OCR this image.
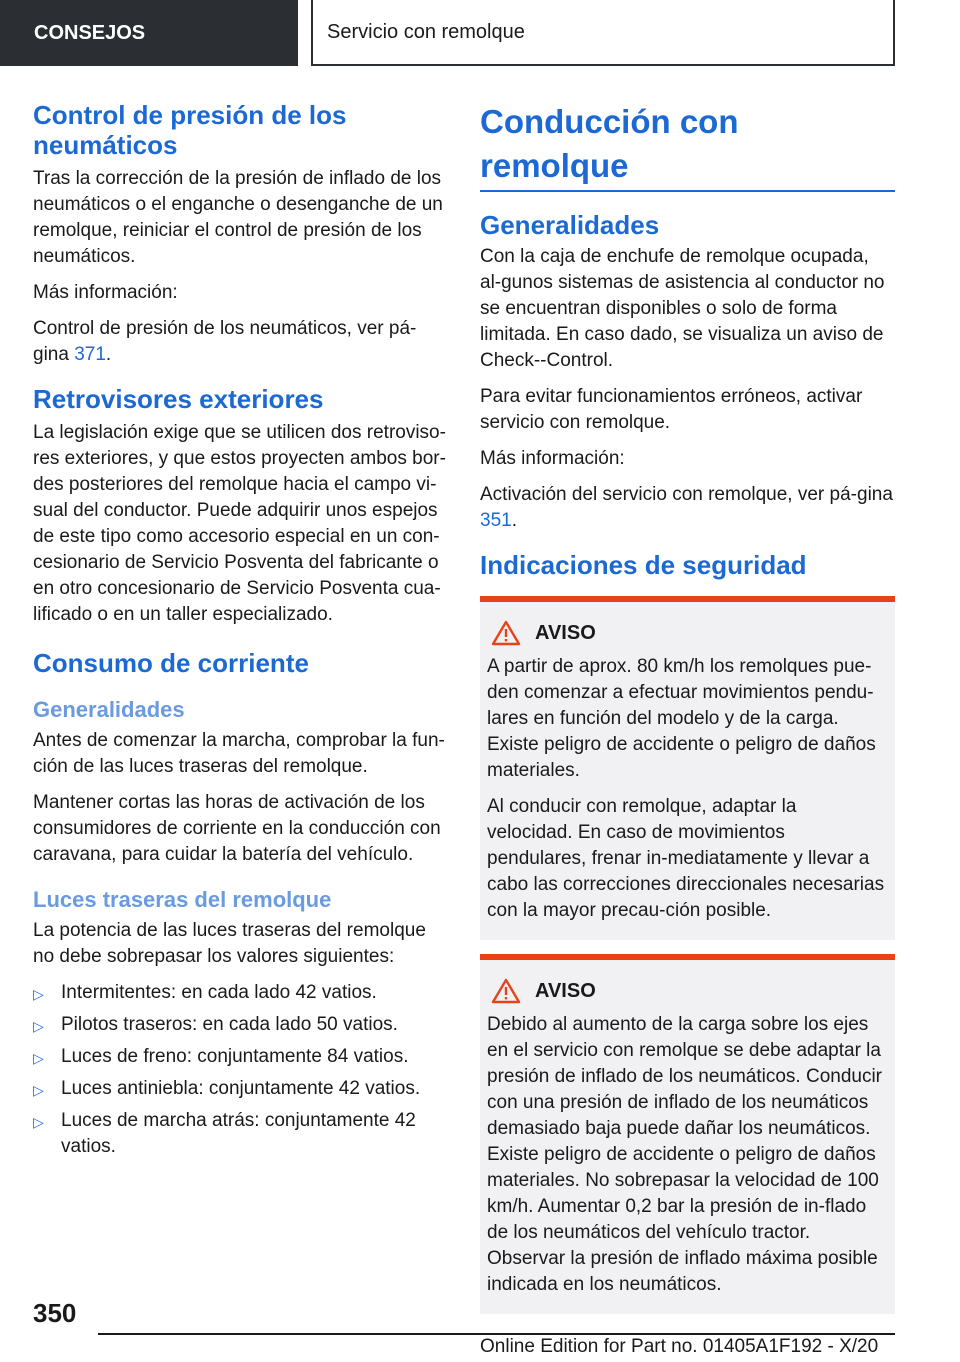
CONSEJOS	Servicio con remolque
Control de presión de los neumáticos

Tras la corrección de la presión de inflado de los neumáticos o el enganche o desenganche de un remolque, reiniciar el control de presión de los neumáticos.

Más información:

Control de presión de los neumáticos, ver pá-gina 371.

Retrovisores exteriores

La legislación exige que se utilicen dos retroviso-res exteriores, y que estos proyecten ambos bor-des posteriores del remolque hacia el campo vi-sual del conductor. Puede adquirir unos espejos de este tipo como accesorio especial en un con-cesionario de Servicio Posventa del fabricante o en otro concesionario de Servicio Posventa cua-lificado o en un taller especializado.

Consumo de corriente
Generalidades

Antes de comenzar la marcha, comprobar la fun-ción de las luces traseras del remolque.

Mantener cortas las horas de activación de los consumidores de corriente en la conducción con caravana, para cuidar la batería del vehículo.

Luces traseras del remolque

La potencia de las luces traseras del remolque no debe sobrepasar los valores siguientes:

▷ Intermitentes: en cada lado 42 vatios.
▷ Pilotos traseros: en cada lado 50 vatios.
▷ Luces de freno: conjuntamente 84 vatios.
▷ Luces antiniebla: conjuntamente 42 vatios.
▷ Luces de marcha atrás: conjuntamente 42 vatios.
Conducción con remolque
Generalidades

Con la caja de enchufe de remolque ocupada, al-gunos sistemas de asistencia al conductor no se encuentran disponibles o solo de forma limitada. En caso dado, se visualiza un aviso de Check--Control.

Para evitar funcionamientos erróneos, activar servicio con remolque.

Más información:

Activación del servicio con remolque, ver pá-gina 351.

Indicaciones de seguridad
AVISO

A partir de aprox. 80 km/h los remolques pue-den comenzar a efectuar movimientos pendu-lares en función del modelo y de la carga. Existe peligro de accidente o peligro de daños materiales.

Al conducir con remolque, adaptar la velocidad. En caso de movimientos pendulares, frenar in-mediatamente y llevar a cabo las correcciones direccionales necesarias con la mayor precau-ción posible.

AVISO

Debido al aumento de la carga sobre los ejes en el servicio con remolque se debe adaptar la presión de inflado de los neumáticos. Conducir con una presión de inflado de los neumáticos demasiado baja puede dañar los neumáticos. Existe peligro de accidente o peligro de daños materiales. No sobrepasar la velocidad de 100 km/h. Aumentar 0,2 bar la presión de in-flado de los neumáticos del vehículo tractor. Observar la presión de inflado máxima posible indicada en los neumáticos.

350
Online Edition for Part no. 01405A1F192 - X/20
